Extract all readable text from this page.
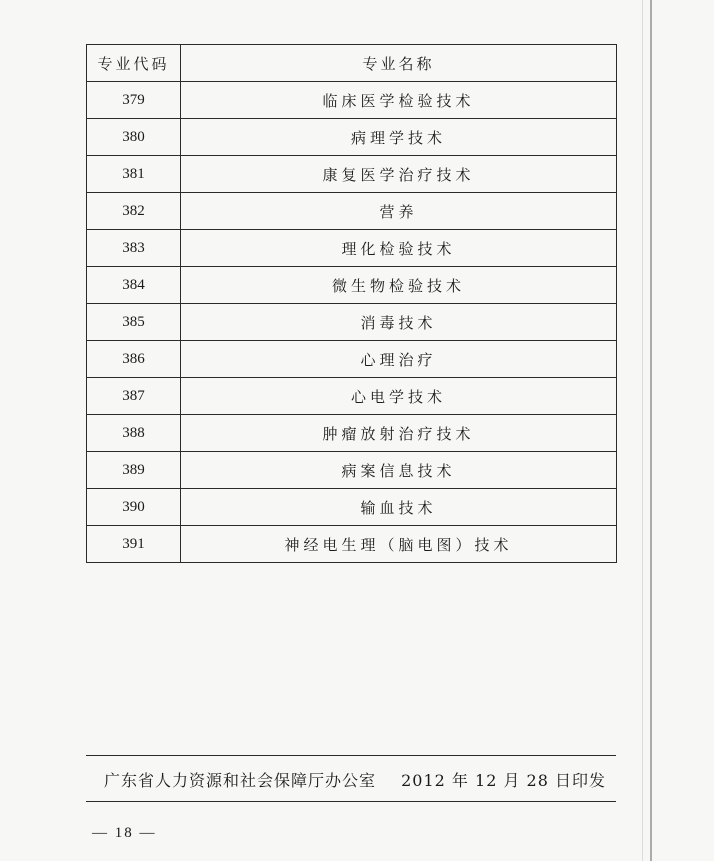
专业代码	专业名称
379	临床医学检验技术
380	病理学技术
381	康复医学治疗技术
382	营养
383	理化检验技术
384	微生物检验技术
385	消毒技术
386	心理治疗
387	心电学技术
388	肿瘤放射治疗技术
389	病案信息技术
390	输血技术
391	神经电生理（脑电图）技术
广东省人力资源和社会保障厅办公室 2012 年 12 月 28 日印发
— 18 —
